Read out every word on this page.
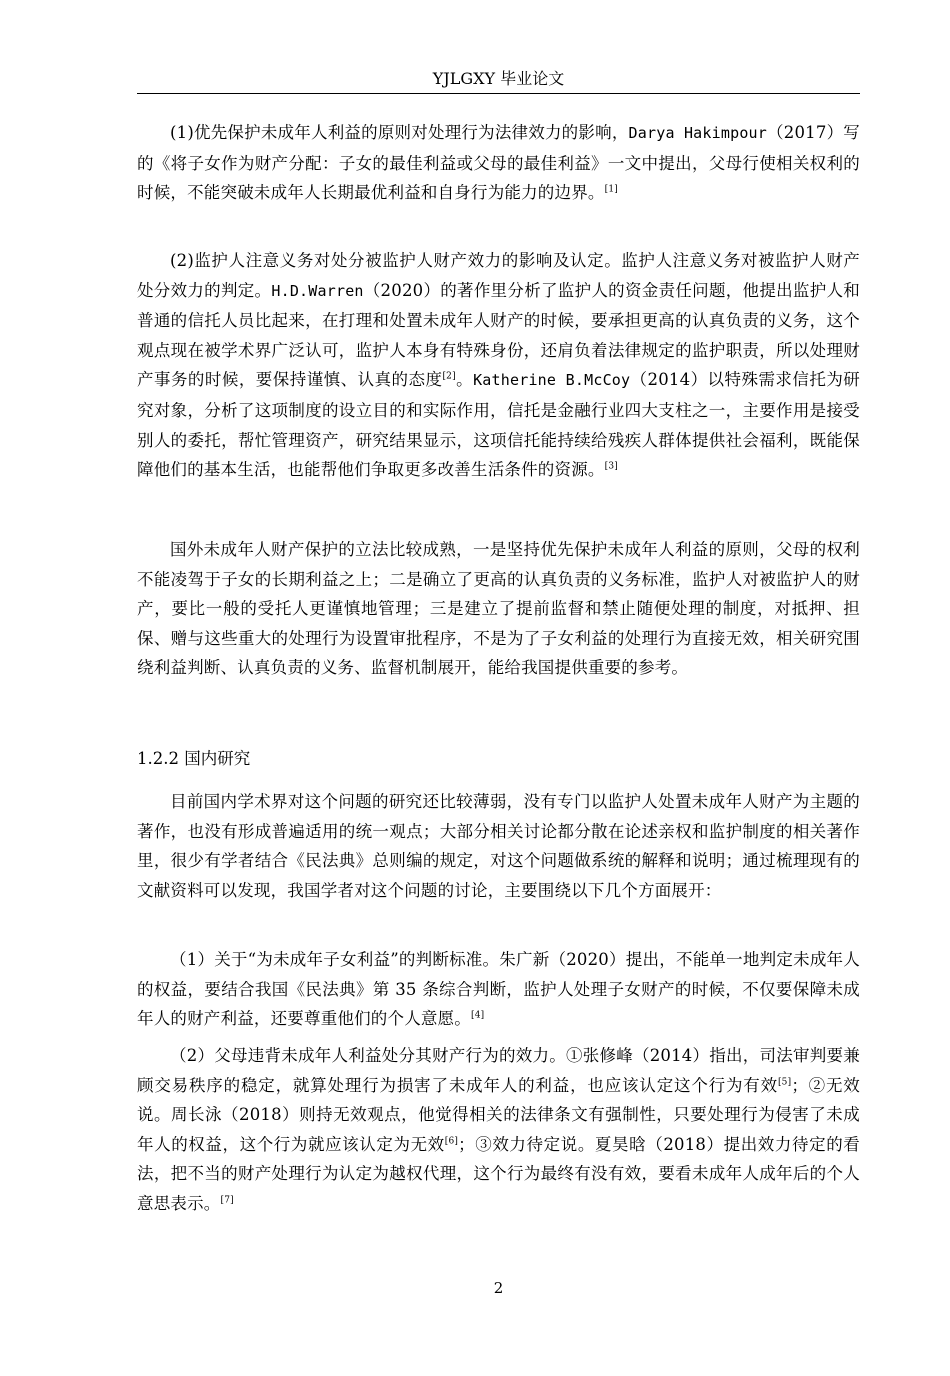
YJLGXY 毕业论文

(1)优先保护未成年人利益的原则对处理行为法律效力的影响，Darya Hakimpour（2017）写的《将子女作为财产分配：子女的最佳利益或父母的最佳利益》一文中提出，父母行使相关权利的时候，不能突破未成年人长期最优利益和自身行为能力的边界。[1]

(2)监护人注意义务对处分被监护人财产效力的影响及认定。监护人注意义务对被监护人财产处分效力的判定。H.D.Warren（2020）的著作里分析了监护人的资金责任问题，他提出监护人和普通的信托人员比起来，在打理和处置未成年人财产的时候，要承担更高的认真负责的义务，这个观点现在被学术界广泛认可，监护人本身有特殊身份，还肩负着法律规定的监护职责，所以处理财产事务的时候，要保持谨慎、认真的态度[2]。Katherine B.McCoy（2014）以特殊需求信托为研究对象，分析了这项制度的设立目的和实际作用，信托是金融行业四大支柱之一，主要作用是接受别人的委托，帮忙管理资产，研究结果显示，这项信托能持续给残疾人群体提供社会福利，既能保障他们的基本生活，也能帮他们争取更多改善生活条件的资源。[3]

国外未成年人财产保护的立法比较成熟，一是坚持优先保护未成年人利益的原则，父母的权利不能凌驾于子女的长期利益之上；二是确立了更高的认真负责的义务标准，监护人对被监护人的财产，要比一般的受托人更谨慎地管理；三是建立了提前监督和禁止随便处理的制度，对抵押、担保、赠与这些重大的处理行为设置审批程序，不是为了子女利益的处理行为直接无效，相关研究围绕利益判断、认真负责的义务、监督机制展开，能给我国提供重要的参考。

1.2.2 国内研究

目前国内学术界对这个问题的研究还比较薄弱，没有专门以监护人处置未成年人财产为主题的著作，也没有形成普遍适用的统一观点；大部分相关讨论都分散在论述亲权和监护制度的相关著作里，很少有学者结合《民法典》总则编的规定，对这个问题做系统的解释和说明；通过梳理现有的文献资料可以发现，我国学者对这个问题的讨论，主要围绕以下几个方面展开：

（1）关于“为未成年子女利益”的判断标准。朱广新（2020）提出，不能单一地判定未成年人的权益，要结合我国《民法典》第 35 条综合判断，监护人处理子女财产的时候，不仅要保障未成年人的财产利益，还要尊重他们的个人意愿。[4]

（2）父母违背未成年人利益处分其财产行为的效力。①张修峰（2014）指出，司法审判要兼顾交易秩序的稳定，就算处理行为损害了未成年人的利益，也应该认定这个行为有效[5]；②无效说。周长泳（2018）则持无效观点，他觉得相关的法律条文有强制性，只要处理行为侵害了未成年人的权益，这个行为就应该认定为无效[6]；③效力待定说。夏昊晗（2018）提出效力待定的看法，把不当的财产处理行为认定为越权代理，这个行为最终有没有效，要看未成年人成年后的个人意思表示。[7]

2
